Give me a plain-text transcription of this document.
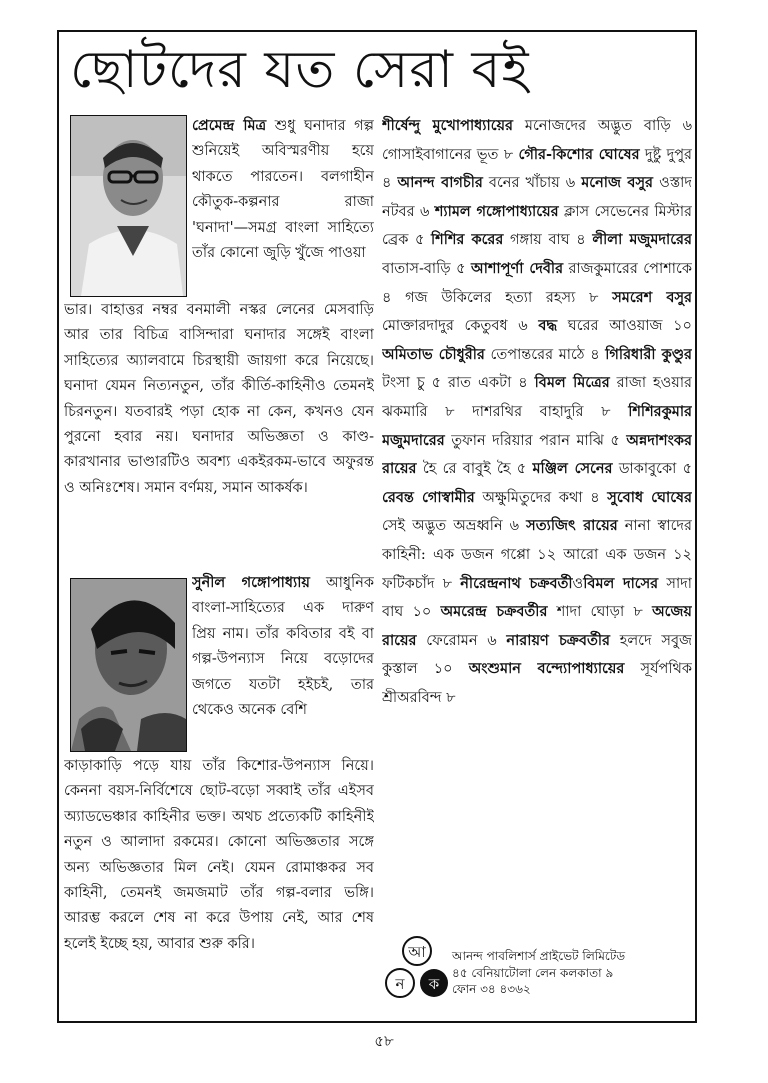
ছোটদের যত সেরা বই

প্রেমেন্দ্র মিত্র শুধু ঘনাদার গল্প শুনিয়েই অবিস্মরণীয় হয়ে থাকতে পারতেন। বলগাহীন কৌতুক-কল্পনার রাজা 'ঘনাদা'—সমগ্র বাংলা সাহিত্যে তাঁর কোনো জুড়ি খুঁজে পাওয়া

সুনীল গঙ্গোপাধ্যায় আধুনিক বাংলা-সাহিত্যের এক দারুণ প্রিয় নাম। তাঁর কবিতার বই বা গল্প-উপন্যাস নিয়ে বড়োদের জগতে যতটা হইচই, তার থেকেও অনেক বেশি

ভার। বাহাত্তর নম্বর বনমালী নস্কর লেনের মেসবাড়ি আর তার বিচিত্র বাসিন্দারা ঘনাদার সঙ্গেই বাংলা সাহিত্যের অ্যালবামে চিরস্থায়ী জায়গা করে নিয়েছে। ঘনাদা যেমন নিত্যনতুন, তাঁর কীর্তি-কাহিনীও তেমনই চিরনতুন। যতবারই পড়া হোক না কেন, কখনও যেন পুরনো হবার নয়। ঘনাদার অভিজ্ঞতা ও কাণ্ড-কারখানার ভাণ্ডারটিও অবশ্য একইরকম-ভাবে অফুরন্ত ও অনিঃশেষ। সমান বর্ণময়, সমান আকর্ষক।

শীর্ষেন্দু মুখোপাধ্যায়ের মনোজদের অদ্ভুত বাড়ি ৬ গোসাইবাগানের ভূত ৮ গৌর-কিশোর ঘোষের দুষ্টু দুপুর ৪ আনন্দ বাগচীর বনের খাঁচায় ৬ মনোজ বসুর ওস্তাদ নটবর ৬ শ্যামল গঙ্গোপাধ্যায়ের ক্লাস সেভেনের মিস্টার ব্রেক ৫ শিশির করের গঙ্গায় বাঘ ৪ লীলা মজুমদারের বাতাস-বাড়ি ৫ আশাপূর্ণা দেবীর রাজকুমারের পোশাকে ৪ গজ উকিলের হত্যা রহস্য ৮ সমরেশ বসুর মোক্তারদাদুর কেতুবধ ৬ বদ্ধ ঘরের আওয়াজ ১০ অমিতাভ চৌধুরীর তেপান্তরের মাঠে ৪ গিরিধারী কুণ্ডুর টংসা চু ৫ রাত একটা ৪ বিমল মিত্রের রাজা হওয়ার ঝকমারি ৮ দাশরথির বাহাদুরি ৮ শিশিরকুমার মজুমদারের তুফান দরিয়ার পরান মাঝি ৫ অন্নদাশংকর রায়ের হৈ রে বাবুই হৈ ৫ মঞ্জিল সেনের ডাকাবুকো ৫ রেবন্ত গোস্বামীর অক্ষুমিতুদের কথা ৪ সুবোধ ঘোষের সেই অদ্ভুত অভ্রধ্বনি ৬ সত্যজিৎ রায়ের নানা স্বাদের কাহিনী: এক ডজন গপ্পো ১২ আরো এক ডজন ১২ ফটিকচাঁদ ৮ নীরেন্দ্রনাথ চক্রবর্তীওবিমল দাসের সাদা বাঘ ১০ অমরেন্দ্র চক্রবর্তীর শাদা ঘোড়া ৮ অজেয় রায়ের ফেরোমন ৬ নারায়ণ চক্রবর্তীর হলদে সবুজ কুস্তাল ১০ অংশুমান বন্দ্যোপাধ্যায়ের সূর্যপথিক শ্রীঅরবিন্দ ৮
আ
ন ক
আনন্দ পাবলিশার্স প্রাইভেট লিমিটেড
৪৫ বেনিয়াটোলা লেন কলকাতা ৯
ফোন ৩৪ ৪৩৬২
৫৮

কাড়াকাড়ি পড়ে যায় তাঁর কিশোর-উপন্যাস নিয়ে। কেননা বয়স-নির্বিশেষে ছোট-বড়ো সব্বাই তাঁর এইসব অ্যাডভেঞ্চার কাহিনীর ভক্ত। অথচ প্রত্যেকটি কাহিনীই নতুন ও আলাদা রকমের। কোনো অভিজ্ঞতার সঙ্গে অন্য অভিজ্ঞতার মিল নেই। যেমন রোমাঞ্চকর সব কাহিনী, তেমনই জমজমাট তাঁর গল্প-বলার ভঙ্গি। আরম্ভ করলে শেষ না করে উপায় নেই, আর শেষ হলেই ইচ্ছে হয়, আবার শুরু করি।
